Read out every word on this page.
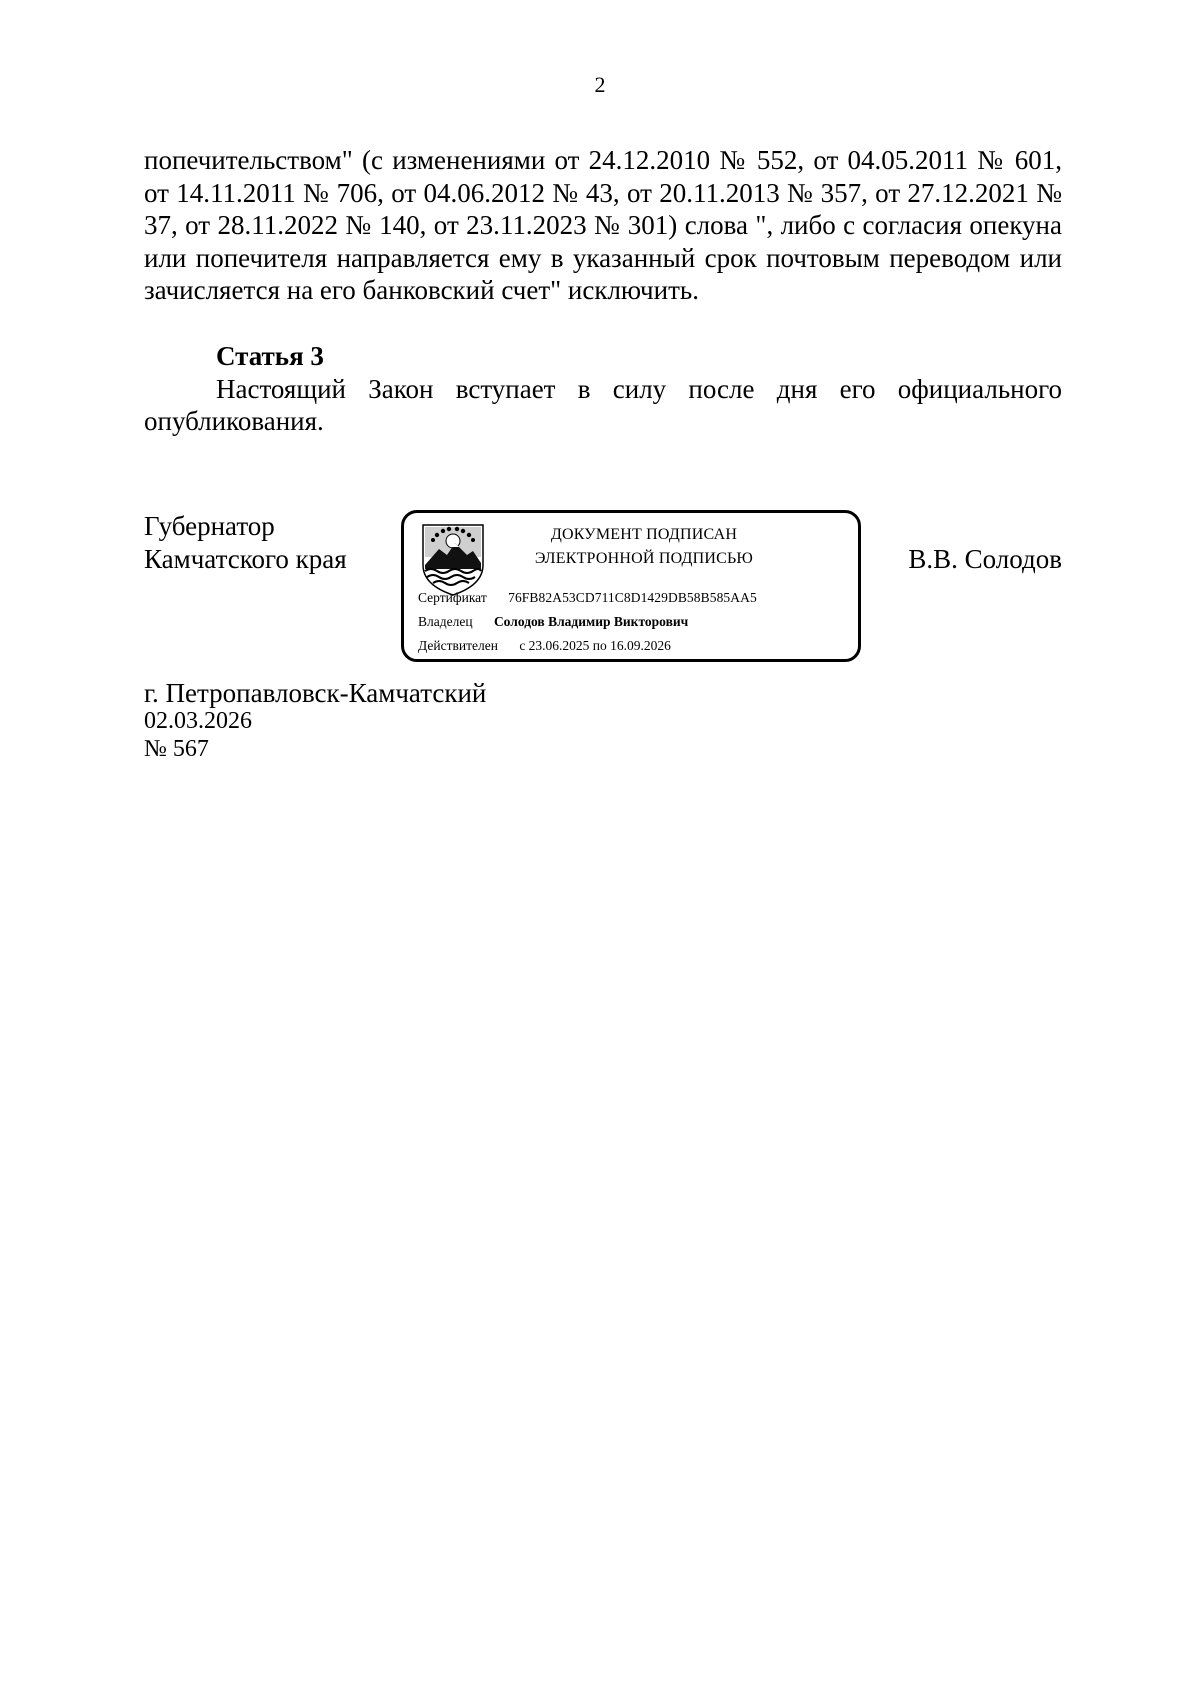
2

попечительством" (с изменениями от 24.12.2010 № 552, от 04.05.2011 № 601, от 14.11.2011 № 706, от 04.06.2012 № 43, от 20.11.2013 № 357, от 27.12.2021 № 37, от 28.11.2022 № 140, от 23.11.2023 № 301) слова ", либо с согласия опекуна или попечителя направляется ему в указанный срок почтовым переводом или зачисляется на его банковский счет" исключить.

Статья 3

Настоящий Закон вступает в силу после дня его официального опубликования.

Губернатор
Камчатского края
ДОКУМЕНТ ПОДПИСАН
ЭЛЕКТРОННОЙ ПОДПИСЬЮ
Сертификат 76FB82A53CD711C8D1429DB58B585AA5
Владелец Солодов Владимир Викторович
Действителен с 23.06.2025 по 16.09.2026
В.В. Солодов
г. Петропавловск-Камчатский
02.03.2026
№ 567
